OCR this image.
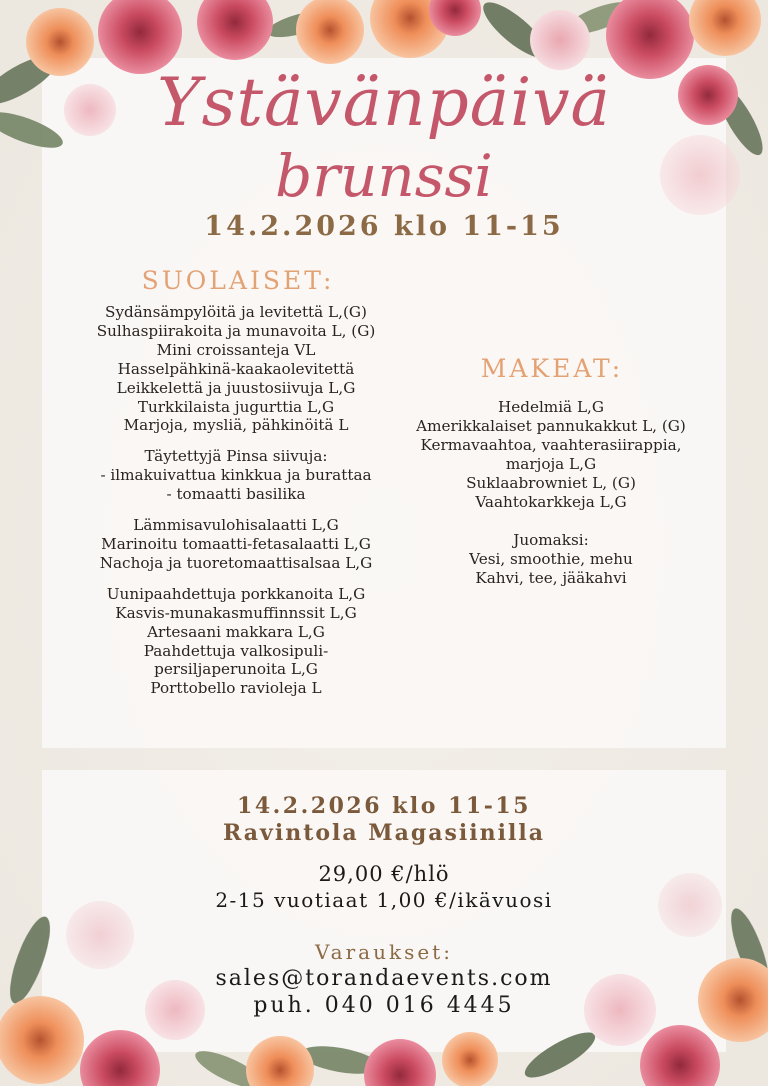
Ystävänpäivä
brunssi
14.2.2026 klo 11-15
SUOLAISET:
Sydänsämpylöitä ja levitettä L,(G)
Sulhaspiirakoita ja munavoita L, (G)
Mini croissanteja VL
Hasselpähkinä-kaakaolevitettä
Leikkelettä ja juustosiivuja L,G
Turkkilaista jugurttia L,G
Marjoja, mysliä, pähkinöitä L
Täytettyjä Pinsa siivuja:
- ilmakuivattua kinkkua ja burattaa
- tomaatti basilika
Lämmisavulohisalaatti L,G
Marinoitu tomaatti-fetasalaatti L,G
Nachoja ja tuoretomaattisalsaa L,G
Uunipaahdettuja porkkanoita L,G
Kasvis-munakasmuffinnssit L,G
Artesaani makkara L,G
Paahdettuja valkosipuli-
persiljaperunoita L,G
Porttobello ravioleja L
MAKEAT:
Hedelmiä L,G
Amerikkalaiset pannukakkut L, (G)
Kermavaahtoa, vaahterasiirappia,
marjoja L,G
Suklaabrowniet L, (G)
Vaahtokarkkeja L,G
Juomaksi:
Vesi, smoothie, mehu
Kahvi, tee, jääkahvi
14.2.2026 klo 11-15
Ravintola Magasiinilla
29,00 €/hlö
2-15 vuotiaat 1,00 €/ikävuosi
Varaukset:
sales@torandaevents.com
puh. 040 016 4445
